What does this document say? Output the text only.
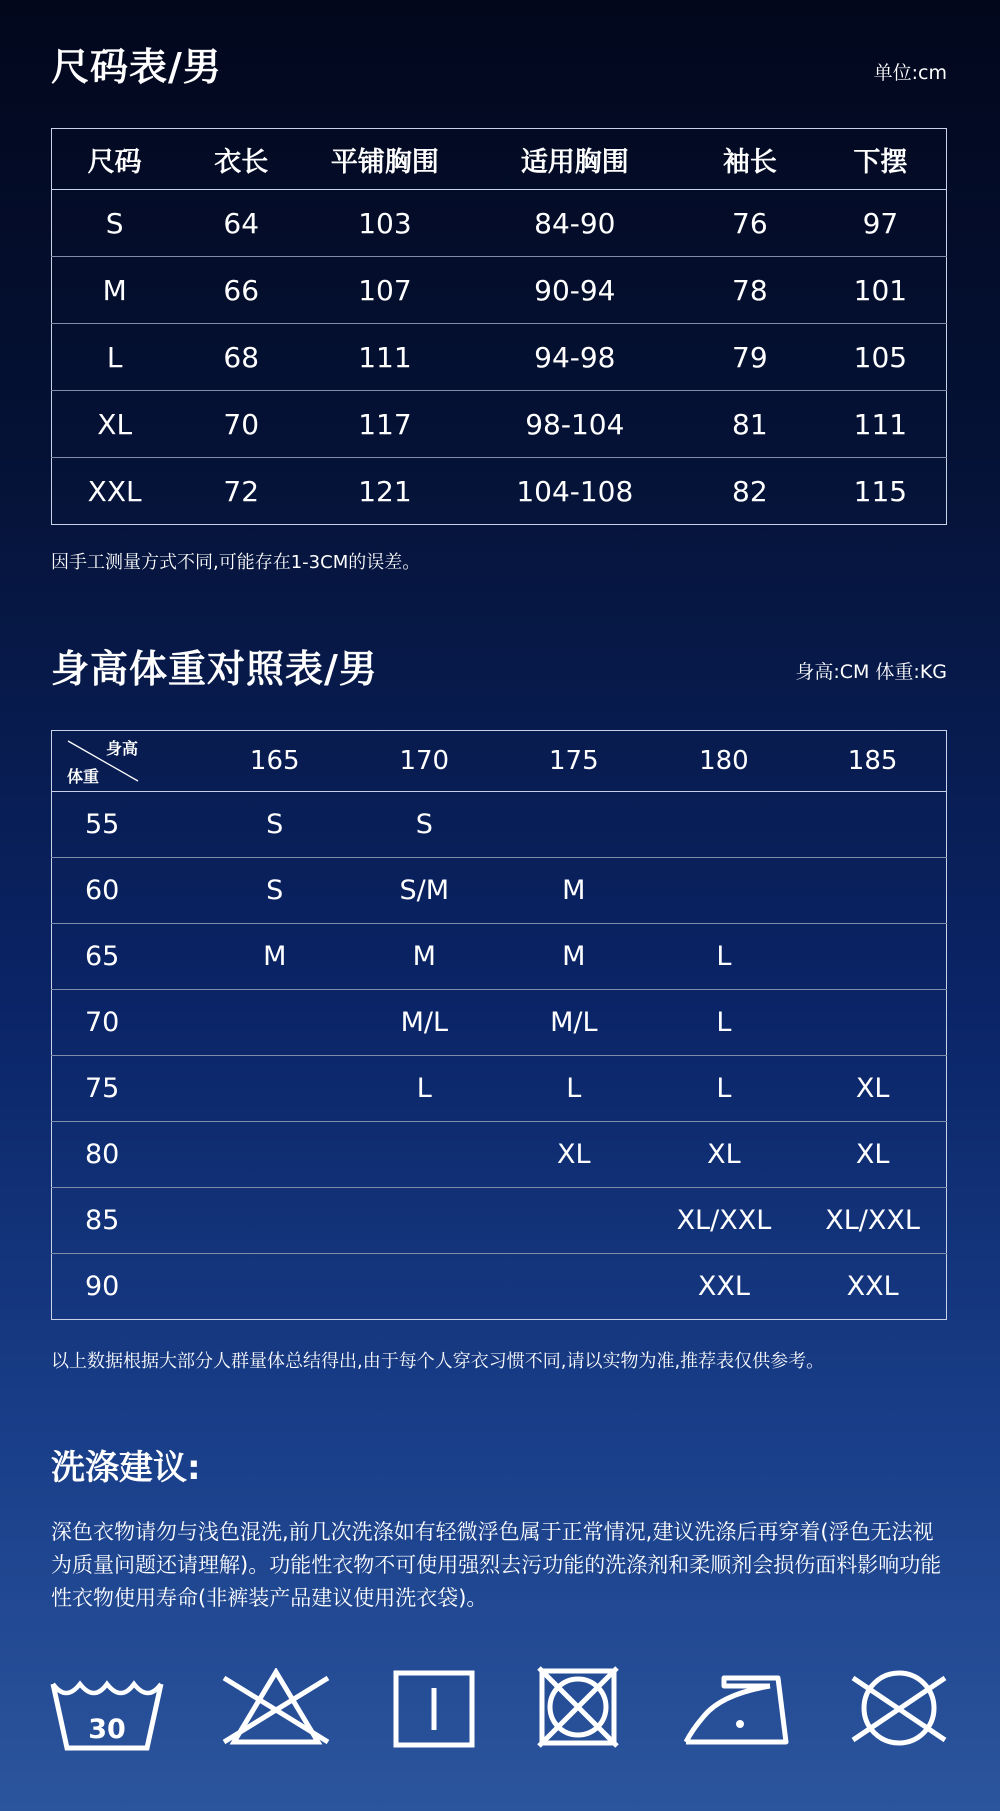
尺码表/男	单位:cm
尺码	衣长	平铺胸围	适用胸围	袖长	下摆
S	64	103	84-90	76	97
M	66	107	90-94	78	101
L	68	111	94-98	79	105
XL	70	117	98-104	81	111
XXL	72	121	104-108	82	115
因手工测量方式不同,可能存在1-3CM的误差。
身高体重对照表/男	身高:CM 体重:KG
身高
体重	165	170	175	180	185
55	S	S			
60	S	S/M	M		
65	M	M	M	L	
70		M/L	M/L	L	
75		L	L	L	XL
80			XL	XL	XL
85				XL/XXL	XL/XXL
90				XXL	XXL
以上数据根据大部分人群量体总结得出,由于每个人穿衣习惯不同,请以实物为准,推荐表仅供参考。
洗涤建议:
深色衣物请勿与浅色混洗,前几次洗涤如有轻微浮色属于正常情况,建议洗涤后再穿着(浮色无法视为质量问题还请理解)。功能性衣物不可使用强烈去污功能的洗涤剂和柔顺剂会损伤面料影响功能性衣物使用寿命(非裤装产品建议使用洗衣袋)。
30
